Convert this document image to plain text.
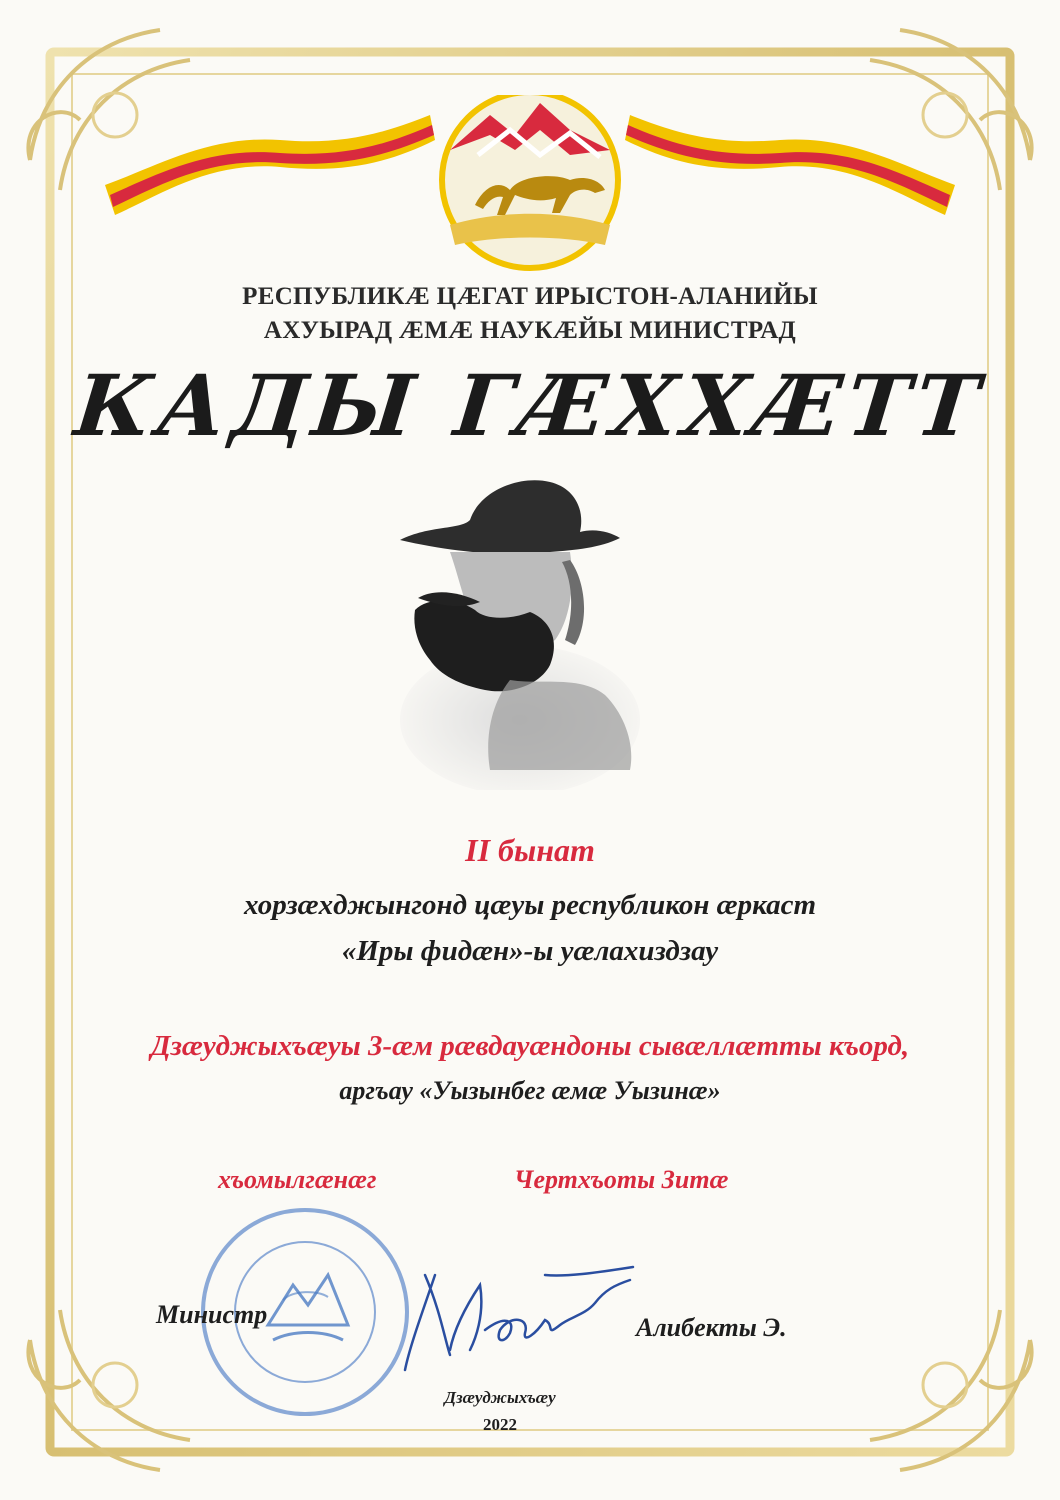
РЕСПУБЛИКÆ ЦÆГАТ ИРЫСТОН-АЛАНИЙЫ
АХУЫРАД ÆМÆ НАУКÆЙЫ МИНИСТРАД
КАДЫ ГÆХХÆТТ
II бынат
хорзæхджынгонд цæуы республикон æркаст
«Иры фидæн»-ы уæлахиздзау
Дзæуджыхъæуы 3-æм рæвдауæндоны сывæллæтты къорд,
аргъау «Уызынбег æмæ Уызинæ»
хъомылгæнæг	Чертхъоты Зитæ
Министр	Алибекты Э.
Дзæуджыхъæу
2022
